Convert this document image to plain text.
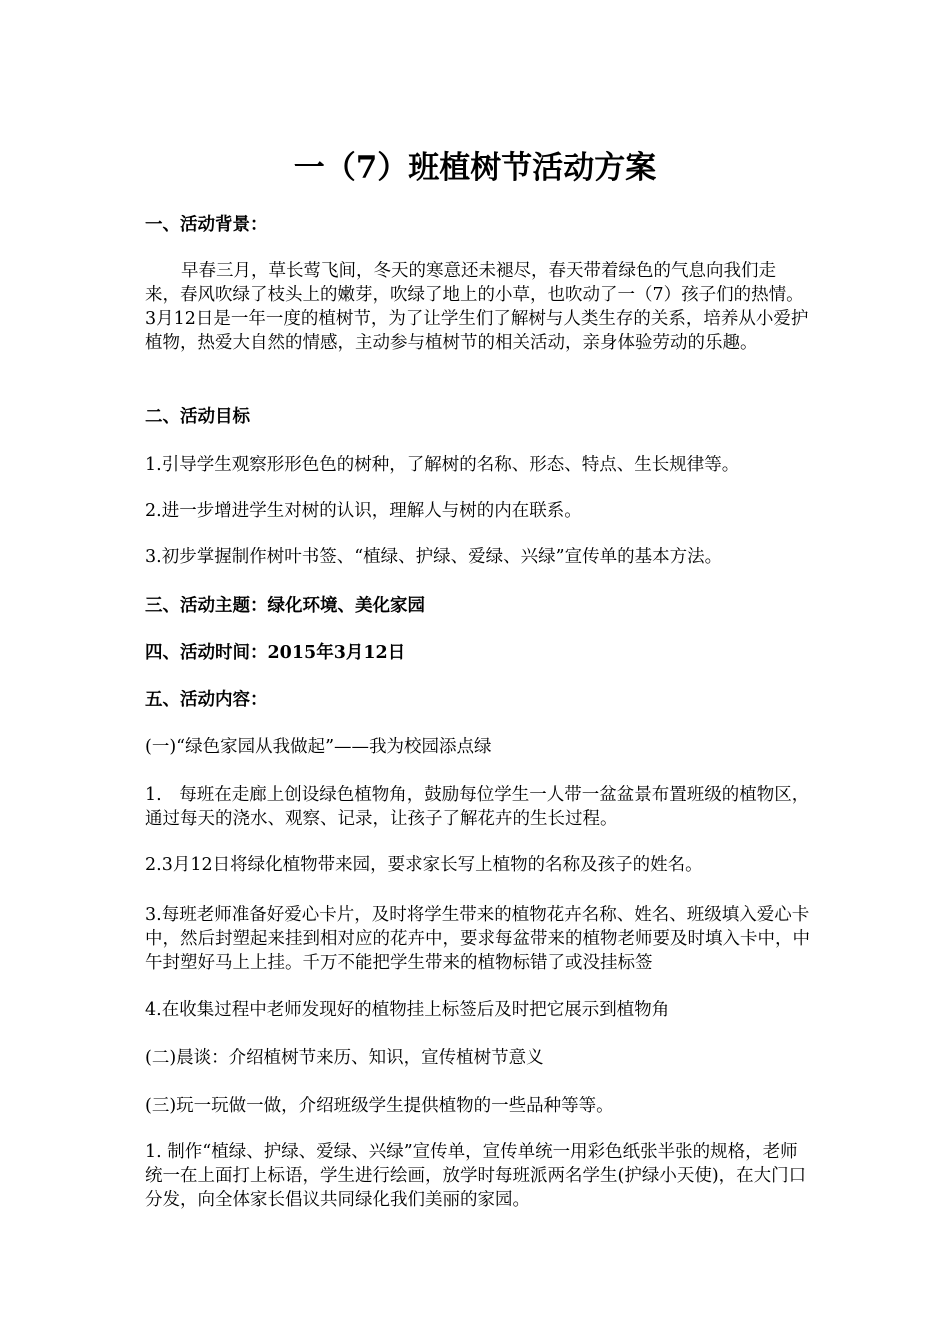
一（7）班植树节活动方案

一、活动背景：

早春三月，草长莺飞间，冬天的寒意还未褪尽，春天带着绿色的气息向我们走来，春风吹绿了枝头上的嫩芽，吹绿了地上的小草，也吹动了一（7）孩子们的热情。3月12日是一年一度的植树节，为了让学生们了解树与人类生存的关系，培养从小爱护植物，热爱大自然的情感，主动参与植树节的相关活动，亲身体验劳动的乐趣。

二、活动目标

1.引导学生观察形形色色的树种，了解树的名称、形态、特点、生长规律等。

2.进一步增进学生对树的认识，理解人与树的内在联系。

3.初步掌握制作树叶书签、“植绿、护绿、爱绿、兴绿”宣传单的基本方法。

三、活动主题：绿化环境、美化家园

四、活动时间：2015年3月12日

五、活动内容：

(一)“绿色家园从我做起”——我为校园添点绿

1.　每班在走廊上创设绿色植物角，鼓励每位学生一人带一盆盆景布置班级的植物区，通过每天的浇水、观察、记录，让孩子了解花卉的生长过程。

2.3月12日将绿化植物带来园，要求家长写上植物的名称及孩子的姓名。

3.每班老师准备好爱心卡片，及时将学生带来的植物花卉名称、姓名、班级填入爱心卡中，然后封塑起来挂到相对应的花卉中，要求每盆带来的植物老师要及时填入卡中，中午封塑好马上上挂。千万不能把学生带来的植物标错了或没挂标签

4.在收集过程中老师发现好的植物挂上标签后及时把它展示到植物角

(二)晨谈：介绍植树节来历、知识，宣传植树节意义

(三)玩一玩做一做，介绍班级学生提供植物的一些品种等等。

1. 制作“植绿、护绿、爱绿、兴绿”宣传单，宣传单统一用彩色纸张半张的规格，老师统一在上面打上标语，学生进行绘画，放学时每班派两名学生(护绿小天使)，在大门口分发，向全体家长倡议共同绿化我们美丽的家园。
